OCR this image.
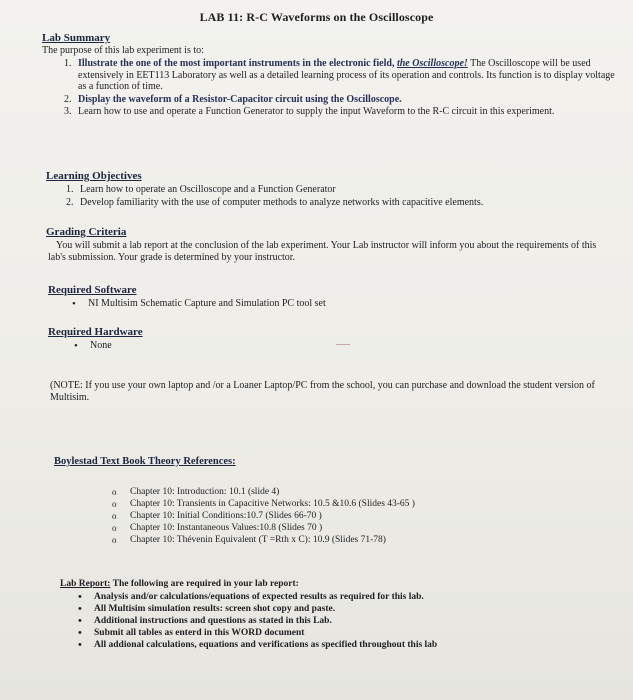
LAB 11: R-C Waveforms on the Oscilloscope
Lab Summary
The purpose of this lab experiment is to:
1. Illustrate the one of the most important instruments in the electronic field, the Oscilloscope! The Oscilloscope will be used extensively in EET113 Laboratory as well as a detailed learning process of its operation and controls. Its function is to display voltage as a function of time.
2. Display the waveform of a Resistor-Capacitor circuit using the Oscilloscope.
3. Learn how to use and operate a Function Generator to supply the input Waveform to the R-C circuit in this experiment.
Learning Objectives
1. Learn how to operate an Oscilloscope and a Function Generator
2. Develop familiarity with the use of computer methods to analyze networks with capacitive elements.
Grading Criteria
You will submit a lab report at the conclusion of the lab experiment. Your Lab instructor will inform you about the requirements of this lab's submission. Your grade is determined by your instructor.
Required Software
• NI Multisim Schematic Capture and Simulation PC tool set
Required Hardware
• None
(NOTE: If you use your own laptop and /or a Loaner Laptop/PC from the school, you can purchase and download the student version of Multisim.
Boylestad Text Book Theory References:
o Chapter 10: Introduction: 10.1 (slide 4)
o Chapter 10: Transients in Capacitive Networks: 10.5 &10.6 (Slides 43-65 )
o Chapter 10: Initial Conditions:10.7 (Slides 66-70 )
o Chapter 10: Instantaneous Values:10.8 (Slides 70 )
o Chapter 10: Thévenin Equivalent (T =Rth x C): 10.9 (Slides 71-78)
Lab Report: The following are required in your lab report:
• Analysis and/or calculations/equations of expected results as required for this lab.
• All Multisim simulation results: screen shot copy and paste.
• Additional instructions and questions as stated in this Lab.
• Submit all tables as enterd in this WORD document
• All addional calculations, equations and verifications as specified throughout this lab
